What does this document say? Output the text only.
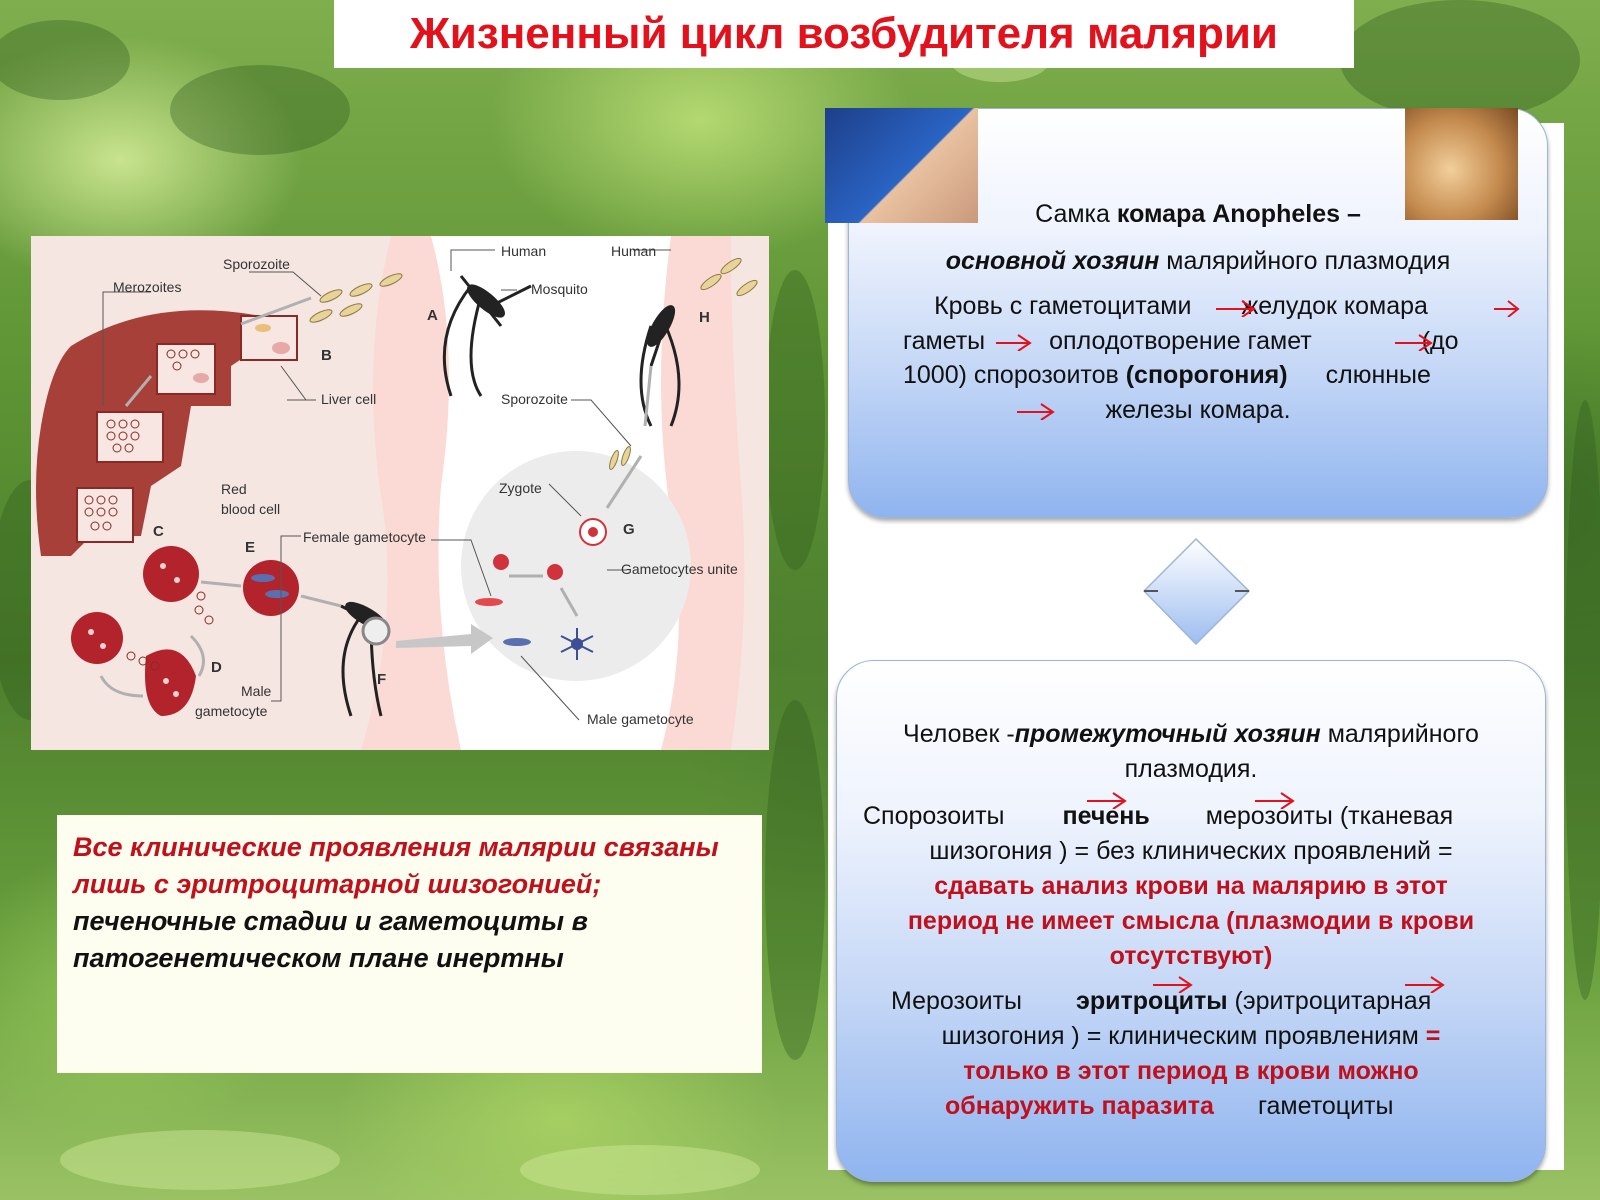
Жизненный цикл возбудителя малярии
Sporozoite
Merozoites
Human	Human
Mosquito
Liver cell
Red
blood cell
Female gametocyte
Male
gametocyte
Sporozoite
Zygote
Gametocytes unite
Male gametocyte
A
B
C
D
E
F
G
H
Все клинические проявления малярии связаны лишь с эритроцитарной шизогонией;
печеночные стадии и гаметоциты в патогенетическом плане инертны
Самка комара Anopheles –
основной хозяин малярийного плазмодия
Кровь с гаметоцитами желудок комара
гаметы	оплодотворение гамет	(до
1000) спорозоитов (спорогония) слюнные
железы комара.
Человек -промежуточный хозяин малярийного
плазмодия.
Спорозоиты печень мерозоиты (тканевая
шизогония ) = без клинических проявлений =
сдавать анализ крови на малярию в этот
период не имеет смысла (плазмодии в крови
отсутствуют)
Мерозоиты эритроциты (эритроцитарная
шизогония ) = клиническим проявлениям =
только в этот период в крови можно
обнаружить паразита гаметоциты
